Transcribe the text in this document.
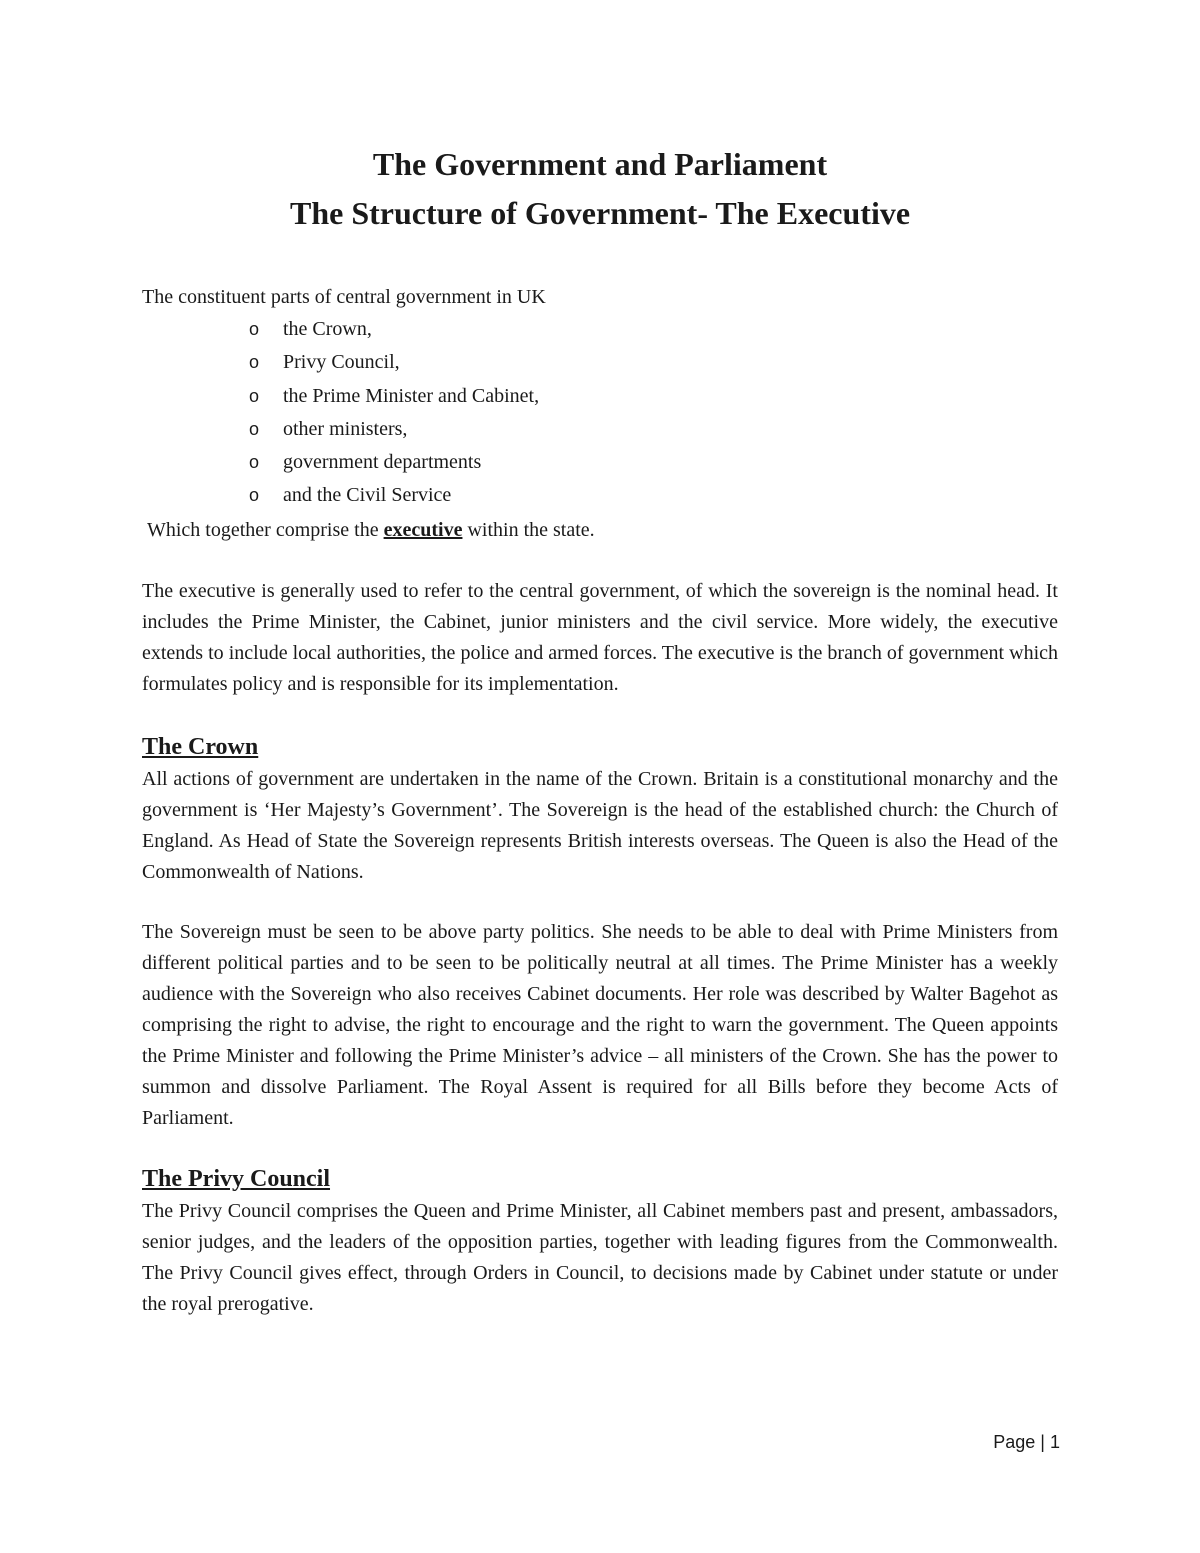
The Government and Parliament
The Structure of Government- The Executive

The constituent parts of central government in UK

o the Crown,
o Privy Council,
o the Prime Minister and Cabinet,
o other ministers,
o government departments
o and the Civil Service

Which together comprise the executive within the state.

The executive is generally used to refer to the central government, of which the sovereign is the nominal head. It includes the Prime Minister, the Cabinet, junior ministers and the civil service. More widely, the executive extends to include local authorities, the police and armed forces. The executive is the branch of government which formulates policy and is responsible for its implementation.

The Crown

All actions of government are undertaken in the name of the Crown. Britain is a constitutional monarchy and the government is ‘Her Majesty’s Government’. The Sovereign is the head of the established church: the Church of England. As Head of State the Sovereign represents British interests overseas. The Queen is also the Head of the Commonwealth of Nations.

The Sovereign must be seen to be above party politics. She needs to be able to deal with Prime Ministers from different political parties and to be seen to be politically neutral at all times. The Prime Minister has a weekly audience with the Sovereign who also receives Cabinet documents. Her role was described by Walter Bagehot as comprising the right to advise, the right to encourage and the right to warn the government. The Queen appoints the Prime Minister and following the Prime Minister’s advice – all ministers of the Crown. She has the power to summon and dissolve Parliament. The Royal Assent is required for all Bills before they become Acts of Parliament.

The Privy Council

The Privy Council comprises the Queen and Prime Minister, all Cabinet members past and present, ambassadors, senior judges, and the leaders of the opposition parties, together with leading figures from the Commonwealth. The Privy Council gives effect, through Orders in Council, to decisions made by Cabinet under statute or under the royal prerogative.

Page | 1
